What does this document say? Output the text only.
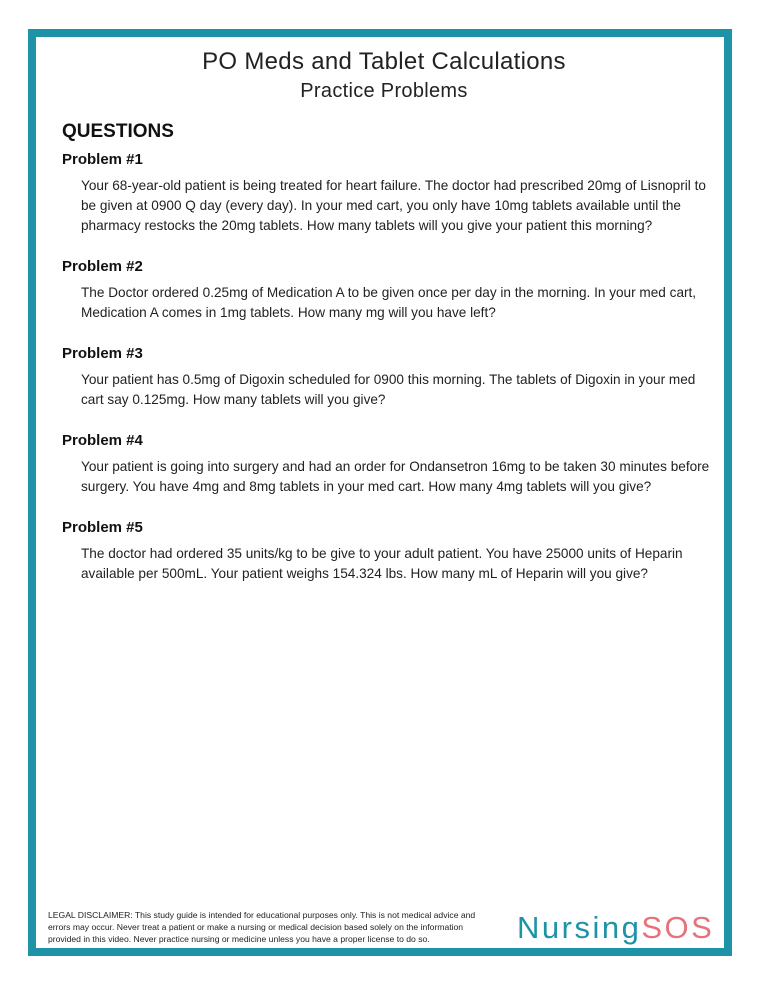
PO Meds and Tablet Calculations
Practice Problems
QUESTIONS

Problem #1

Your 68-year-old patient is being treated for heart failure. The doctor had prescribed 20mg of Lisnopril to be given at 0900 Q day (every day). In your med cart, you only have 10mg tablets available until the pharmacy restocks the 20mg tablets. How many tablets will you give your patient this morning?

Problem #2

The Doctor ordered 0.25mg of Medication A to be given once per day in the morning. In your med cart, Medication A comes in 1mg tablets. How many mg will you have left?

Problem #3

Your patient has 0.5mg of Digoxin scheduled for 0900 this morning. The tablets of Digoxin in your med cart say 0.125mg. How many tablets will you give?

Problem #4

Your patient is going into surgery and had an order for Ondansetron 16mg to be taken 30 minutes before surgery. You have 4mg and 8mg tablets in your med cart. How many 4mg tablets will you give?

Problem #5

The doctor had ordered 35 units/kg to be give to your adult patient. You have 25000 units of Heparin available per 500mL. Your patient weighs 154.324 lbs. How many mL of Heparin will you give?

LEGAL DISCLAIMER: This study guide is intended for educational purposes only. This is not medical advice and errors may occur. Never treat a patient or make a nursing or medical decision based solely on the information provided in this video. Never practice nursing or medicine unless you have a proper license to do so.	NursingSOS
